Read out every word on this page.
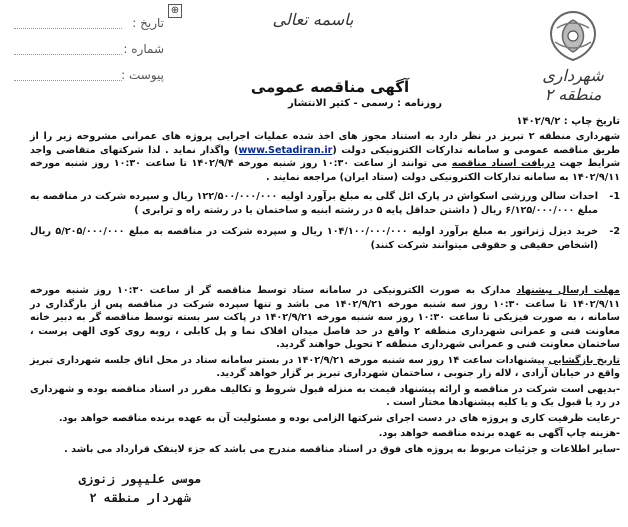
⊕
تاریخ :
شماره :
پیوست :
باسمه تعالی
شهرداری منطقه ۲
آگهی مناقصه عمومی
روزنامه : رسمی - کثیر الانتشار
تاریخ چاپ : ۱۴۰۲/۹/۲
شهرداری منطقه ۲ تبریز در نظر دارد به استناد مجوز های اخذ شده عملیات اجرایی پروژه های عمرانی مشروحه زیر را از طریق مناقصه عمومی و سامانه تدارکات الکترونیکی دولت (www.Setadiran.ir) واگذار نماید . لذا شرکتهای متقاضی واجد شرایط جهت دریافت اسناد مناقصه می توانند از ساعت ۱۰:۳۰ روز شنبه مورخه ۱۴۰۲/۹/۴ تا ساعت ۱۰:۳۰ روز شنبه مورخه ۱۴۰۲/۹/۱۱ به سامانه تدارکات الکترونیکی دولت (ستاد ایران) مراجعه نمایند .
1-
احداث سالن ورزشی اسکواش در پارک ائل گلی به مبلغ برآورد اولیه ۱۲۲/۵۰۰/۰۰۰/۰۰۰ ریال و سپرده شرکت در مناقصه به مبلغ ۶/۱۲۵/۰۰۰/۰۰۰ ریال ( داشتن حداقل پایه ۵ در رشته ابنیه و ساختمان یا در رشته راه و ترابری )
2-
خرید دیزل ژنراتور به مبلغ برآورد اولیه ۱۰۴/۱۰۰/۰۰۰/۰۰۰ ریال و سپرده شرکت در مناقصه به مبلغ ۵/۲۰۵/۰۰۰/۰۰۰ ریال (اشخاص حقیقی و حقوقی میتوانند شرکت کنند)

مهلت ارسال پیشنهاد مدارک به صورت الکترونیکی در سامانه ستاد توسط مناقصه گر از ساعت ۱۰:۳۰ روز شنبه مورخه ۱۴۰۲/۹/۱۱ تا ساعت ۱۰:۳۰ روز سه شنبه مورخه ۱۴۰۲/۹/۲۱ می باشد و تنها سپرده شرکت در مناقصه پس از بارگذاری در سامانه ، به صورت فیزیکی تا ساعت ۱۰:۳۰ روز سه شنبه مورخه ۱۴۰۲/۹/۲۱ در پاکت سر بسته توسط مناقصه گر به دبیر خانه معاونت فنی و عمرانی شهرداری منطقه ۲ واقع در حد فاصل میدان افلاک نما و پل کابلی ، روبه روی کوی الهی پرست ، ساختمان معاونت فنی و عمرانی شهرداری منطقه ۲ تحویل خواهند گردید.

تاریخ بازگشایی پیشنهادات ساعت ۱۴ روز سه شنبه مورخه ۱۴۰۲/۹/۲۱ در بستر سامانه ستاد در محل اتاق جلسه شهرداری تبریز واقع در خیابان آزادی ، لاله زار جنوبی ، ساختمان شهرداری تبریز بر گزار خواهد گردید.

-بدیهی است شرکت در مناقصه و ارائه پیشنهاد قیمت به منزله قبول شروط و تکالیف مقرر در اسناد مناقصه بوده و شهرداری در رد یا قبول یک و یا کلیه پیشنهادها مختار است .

-رعایت ظرفیت کاری و پروژه های در دست اجرای شرکتها الزامی بوده و مسئولیت آن به عهده برنده مناقصه خواهد بود.

-هزینه چاپ آگهی به عهده برنده مناقصه خواهد بود.

-سایر اطلاعات و جزئیات مربوط به پروژه های فوق در اسناد مناقصه مندرج می باشد که جزء لاینفک قرارداد می باشد .

موسی علیپور زنوزی
شهردار منطقه ۲
